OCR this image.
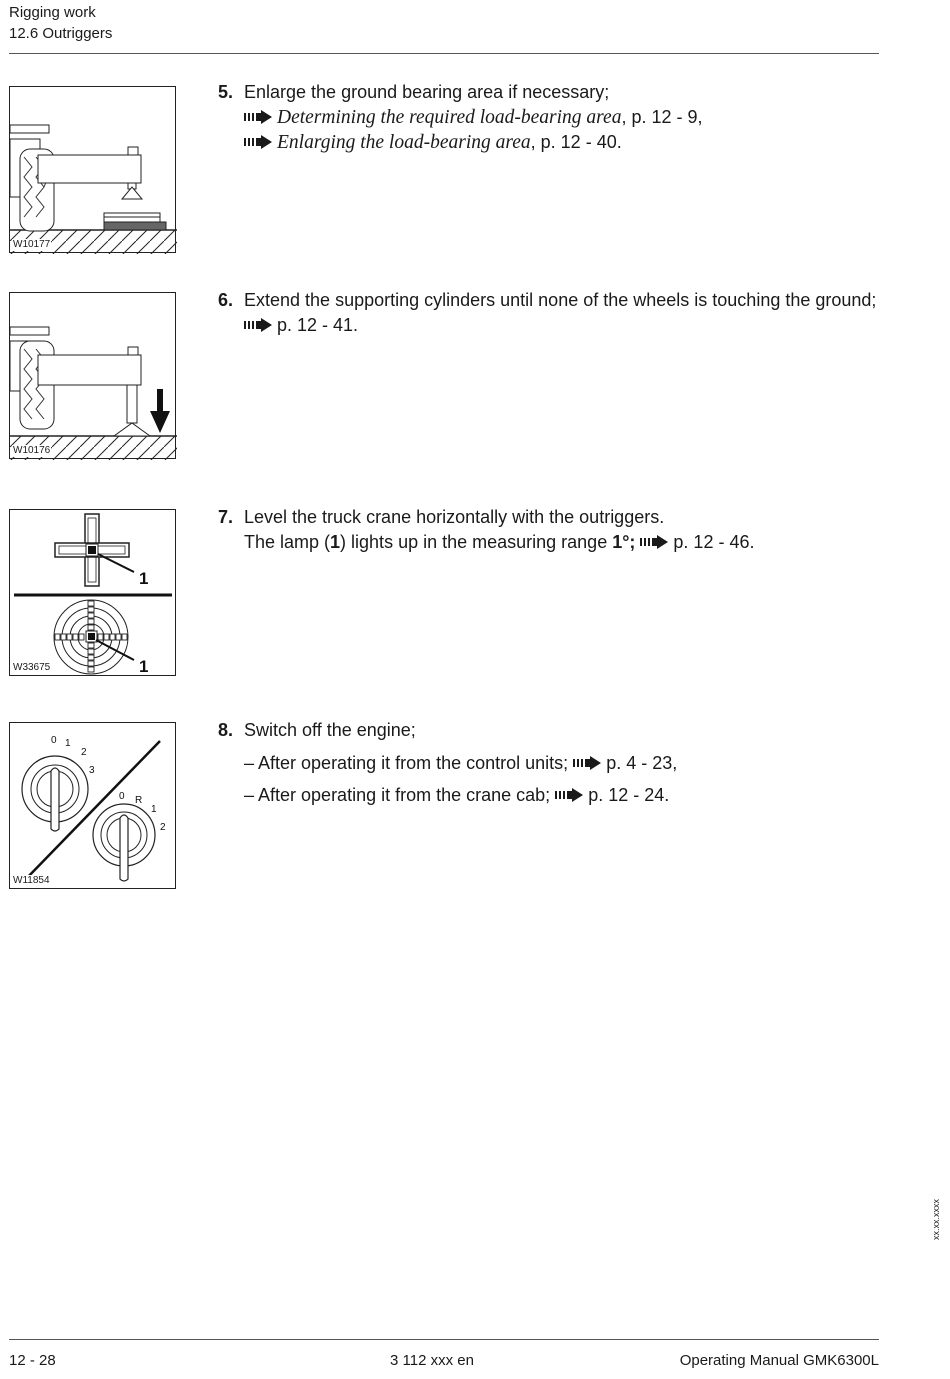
Rigging work
12.6 Outriggers
W10177
5. Enlarge the ground bearing area if necessary;
Determining the required load-bearing area, p. 12 - 9,
Enlarging the load-bearing area, p. 12 - 40.
W10176
6. Extend the supporting cylinders until none of the wheels is touching the ground;
p. 12 - 41.
1
1
W33675
7. Level the truck crane horizontally with the outriggers.
The lamp (1) lights up in the measuring range 1°; p. 12 - 46.
0 1
2
3
0 R
1
2
W11854
8. Switch off the engine;
– After operating it from the control units; p. 4 - 23,
– After operating it from the crane cab; p. 12 - 24.
xx.xx.xxxx
12 - 28	3 112 xxx en	Operating Manual GMK6300L
